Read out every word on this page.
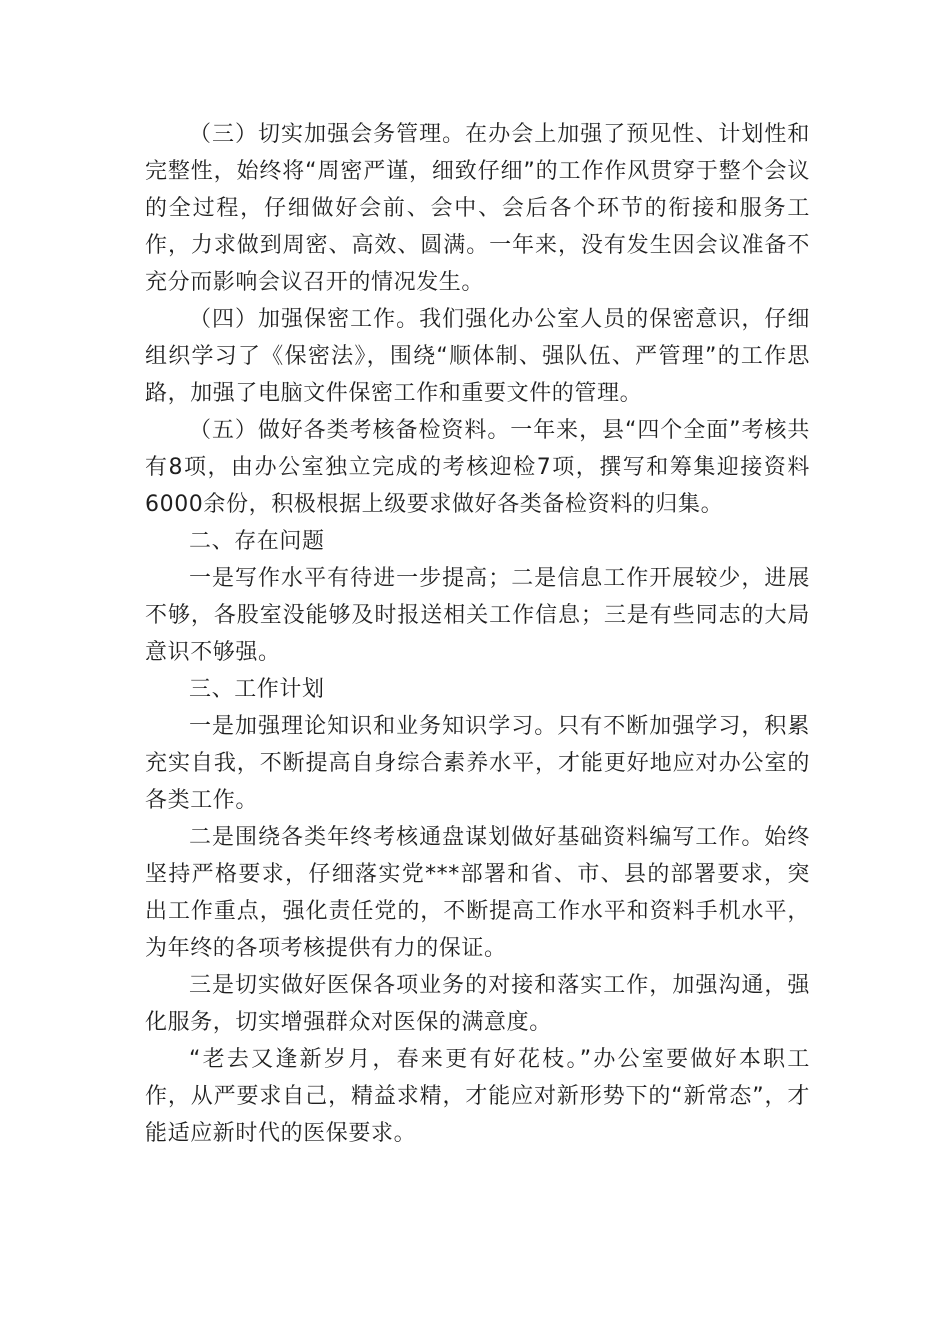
（三）切实加强会务管理。在办会上加强了预见性、计划性和完整性，始终将“周密严谨，细致仔细”的工作作风贯穿于整个会议的全过程，仔细做好会前、会中、会后各个环节的衔接和服务工作，力求做到周密、高效、圆满。一年来，没有发生因会议准备不充分而影响会议召开的情况发生。

（四）加强保密工作。我们强化办公室人员的保密意识，仔细组织学习了《保密法》，围绕“顺体制、强队伍、严管理”的工作思路，加强了电脑文件保密工作和重要文件的管理。

（五）做好各类考核备检资料。一年来，县“四个全面”考核共有8项，由办公室独立完成的考核迎检7项，撰写和筹集迎接资料6000余份，积极根据上级要求做好各类备检资料的归集。

二、存在问题

一是写作水平有待进一步提高；二是信息工作开展较少，进展不够，各股室没能够及时报送相关工作信息；三是有些同志的大局意识不够强。

三、工作计划

一是加强理论知识和业务知识学习。只有不断加强学习，积累充实自我，不断提高自身综合素养水平，才能更好地应对办公室的各类工作。

二是围绕各类年终考核通盘谋划做好基础资料编写工作。始终坚持严格要求，仔细落实党***部署和省、市、县的部署要求，突出工作重点，强化责任党的，不断提高工作水平和资料手机水平，为年终的各项考核提供有力的保证。

三是切实做好医保各项业务的对接和落实工作，加强沟通，强化服务，切实增强群众对医保的满意度。

“老去又逢新岁月，春来更有好花枝。”办公室要做好本职工作，从严要求自己，精益求精，才能应对新形势下的“新常态”，才能适应新时代的医保要求。
